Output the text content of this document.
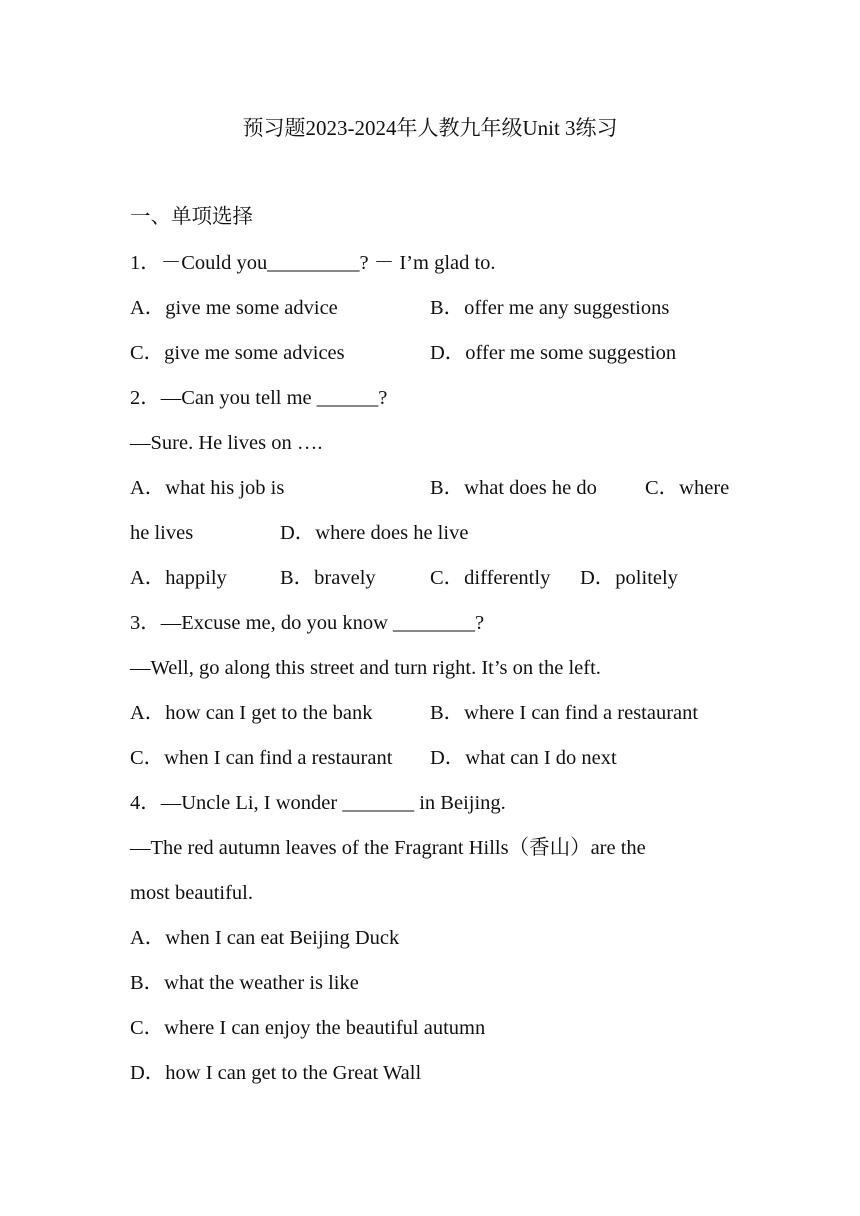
预习题2023-2024年人教九年级Unit 3练习
一、单项选择
1．－Could you_________? － I’m glad to.
A．give me some advice	B．offer me any suggestions
C．give me some advices	D．offer me some suggestion
2．—Can you tell me ______?
—Sure. He lives on ….
A．what his job is	B．what does he do C．where
he lives	D．where does he live
A．happily	B．bravely	C．differently D．politely
3．—Excuse me, do you know ________?
—Well, go along this street and turn right. It’s on the left.
A．how can I get to the bank	B．where I can find a restaurant
C．when I can find a restaurant D．what can I do next
4．—Uncle Li, I wonder _______ in Beijing.
—The red autumn leaves of the Fragrant Hills（香山）are the
most beautiful.
A．when I can eat Beijing Duck
B．what the weather is like
C．where I can enjoy the beautiful autumn
D．how I can get to the Great Wall
